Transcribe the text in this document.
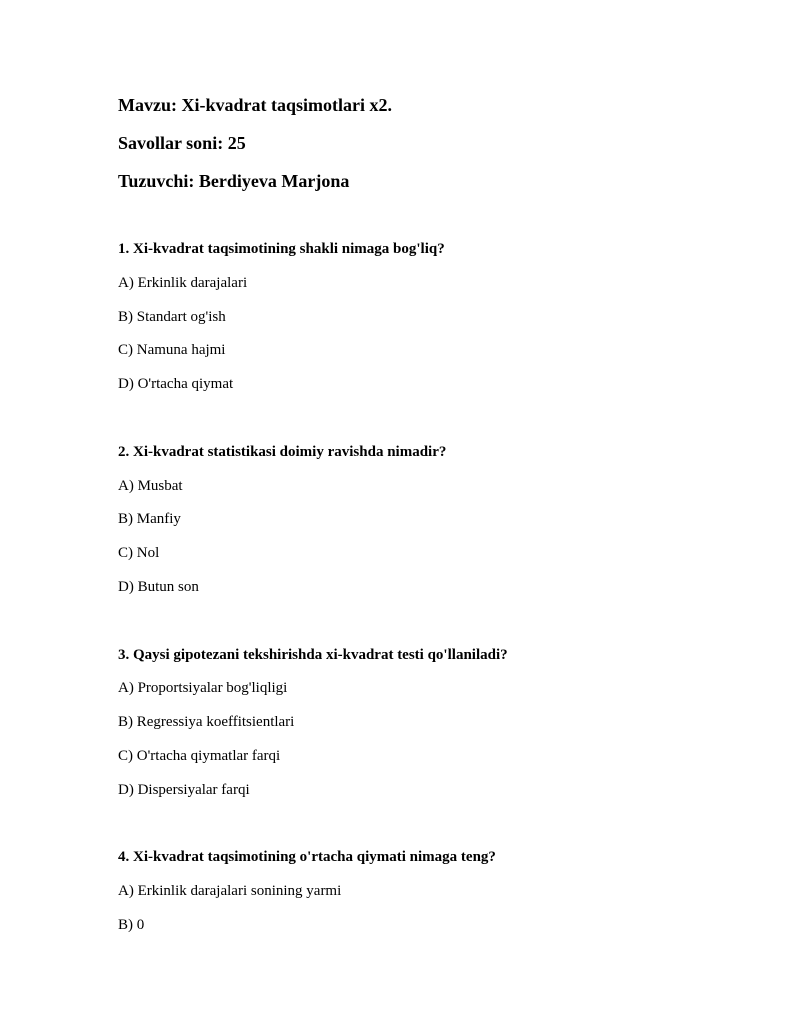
Mavzu: Xi-kvadrat taqsimotlari x2.
Savollar soni: 25
Tuzuvchi: Berdiyeva Marjona
1. Xi-kvadrat taqsimotining shakli nimaga bog'liq?
A) Erkinlik darajalari
B) Standart og'ish
C) Namuna hajmi
D) O'rtacha qiymat
2. Xi-kvadrat statistikasi doimiy ravishda nimadir?
A) Musbat
B) Manfiy
C) Nol
D) Butun son
3. Qaysi gipotezani tekshirishda xi-kvadrat testi qo'llaniladi?
A) Proportsiyalar bog'liqligi
B) Regressiya koeffitsientlari
C) O'rtacha qiymatlar farqi
D) Dispersiyalar farqi
4. Xi-kvadrat taqsimotining o'rtacha qiymati nimaga teng?
A) Erkinlik darajalari sonining yarmi
B) 0
